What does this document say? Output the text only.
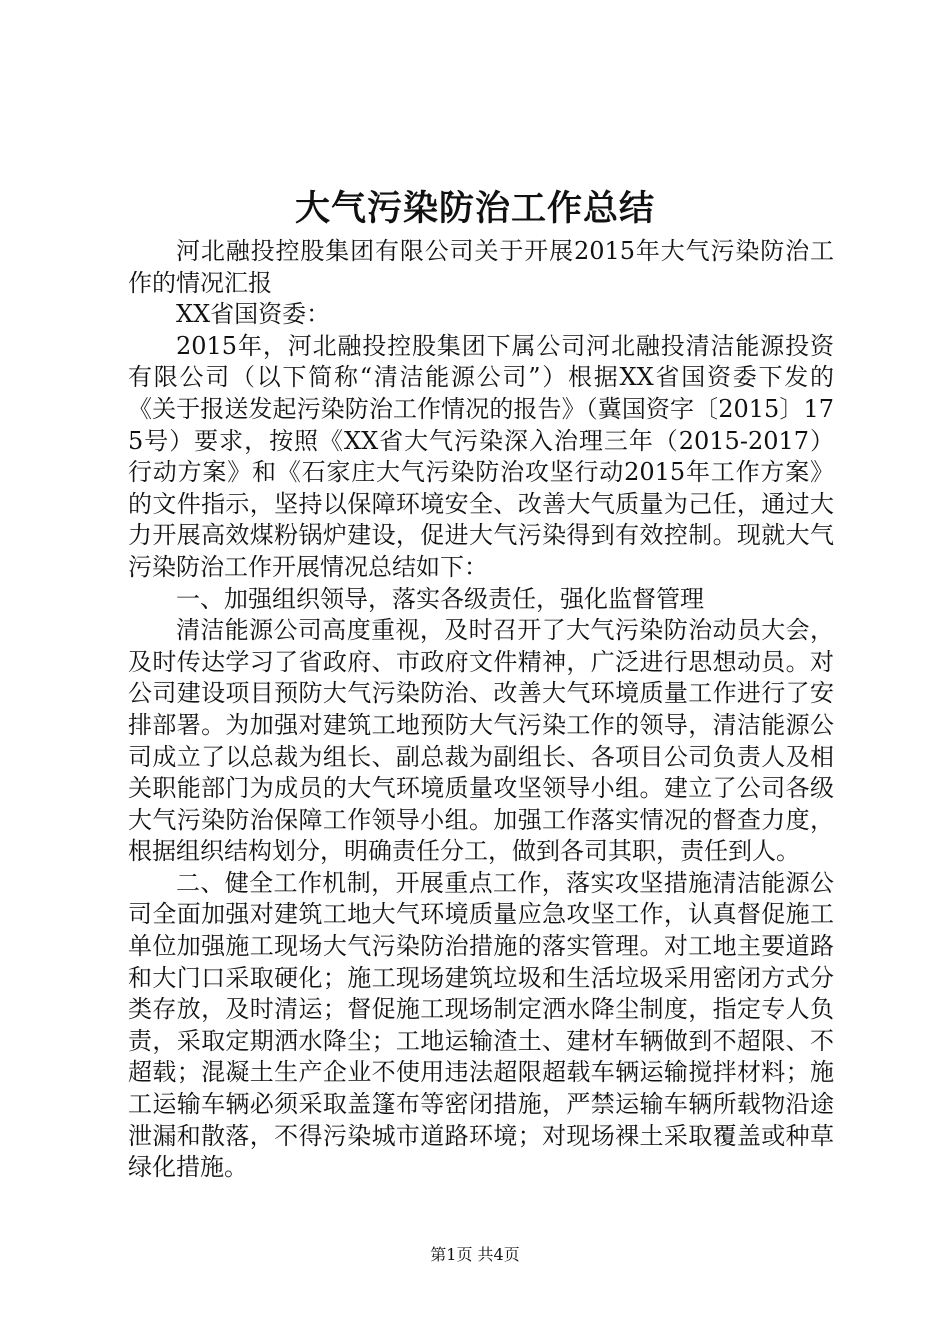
大气污染防治工作总结

河北融投控股集团有限公司关于开展2015年大气污染防治工作的情况汇报

XX省国资委：

2015年，河北融投控股集团下属公司河北融投清洁能源投资有限公司（以下简称“清洁能源公司”）根据XX省国资委下发的《关于报送发起污染防治工作情况的报告》（冀国资字〔2015〕175号）要求，按照《XX省大气污染深入治理三年（2015-2017）行动方案》和《石家庄大气污染防治攻坚行动2015年工作方案》的文件指示，坚持以保障环境安全、改善大气质量为己任，通过大力开展高效煤粉锅炉建设，促进大气污染得到有效控制。现就大气污染防治工作开展情况总结如下：

一、加强组织领导，落实各级责任，强化监督管理

清洁能源公司高度重视，及时召开了大气污染防治动员大会，及时传达学习了省政府、市政府文件精神，广泛进行思想动员。对公司建设项目预防大气污染防治、改善大气环境质量工作进行了安排部署。为加强对建筑工地预防大气污染工作的领导，清洁能源公司成立了以总裁为组长、副总裁为副组长、各项目公司负责人及相关职能部门为成员的大气环境质量攻坚领导小组。建立了公司各级大气污染防治保障工作领导小组。加强工作落实情况的督查力度，根据组织结构划分，明确责任分工，做到各司其职，责任到人。

二、健全工作机制，开展重点工作，落实攻坚措施清洁能源公司全面加强对建筑工地大气环境质量应急攻坚工作，认真督促施工单位加强施工现场大气污染防治措施的落实管理。对工地主要道路和大门口采取硬化；施工现场建筑垃圾和生活垃圾采用密闭方式分类存放，及时清运；督促施工现场制定洒水降尘制度，指定专人负责，采取定期洒水降尘；工地运输渣土、建材车辆做到不超限、不超载；混凝土生产企业不使用违法超限超载车辆运输搅拌材料；施工运输车辆必须采取盖篷布等密闭措施，严禁运输车辆所载物沿途泄漏和散落，不得污染城市道路环境；对现场裸土采取覆盖或种草绿化措施。

第1页 共4页
